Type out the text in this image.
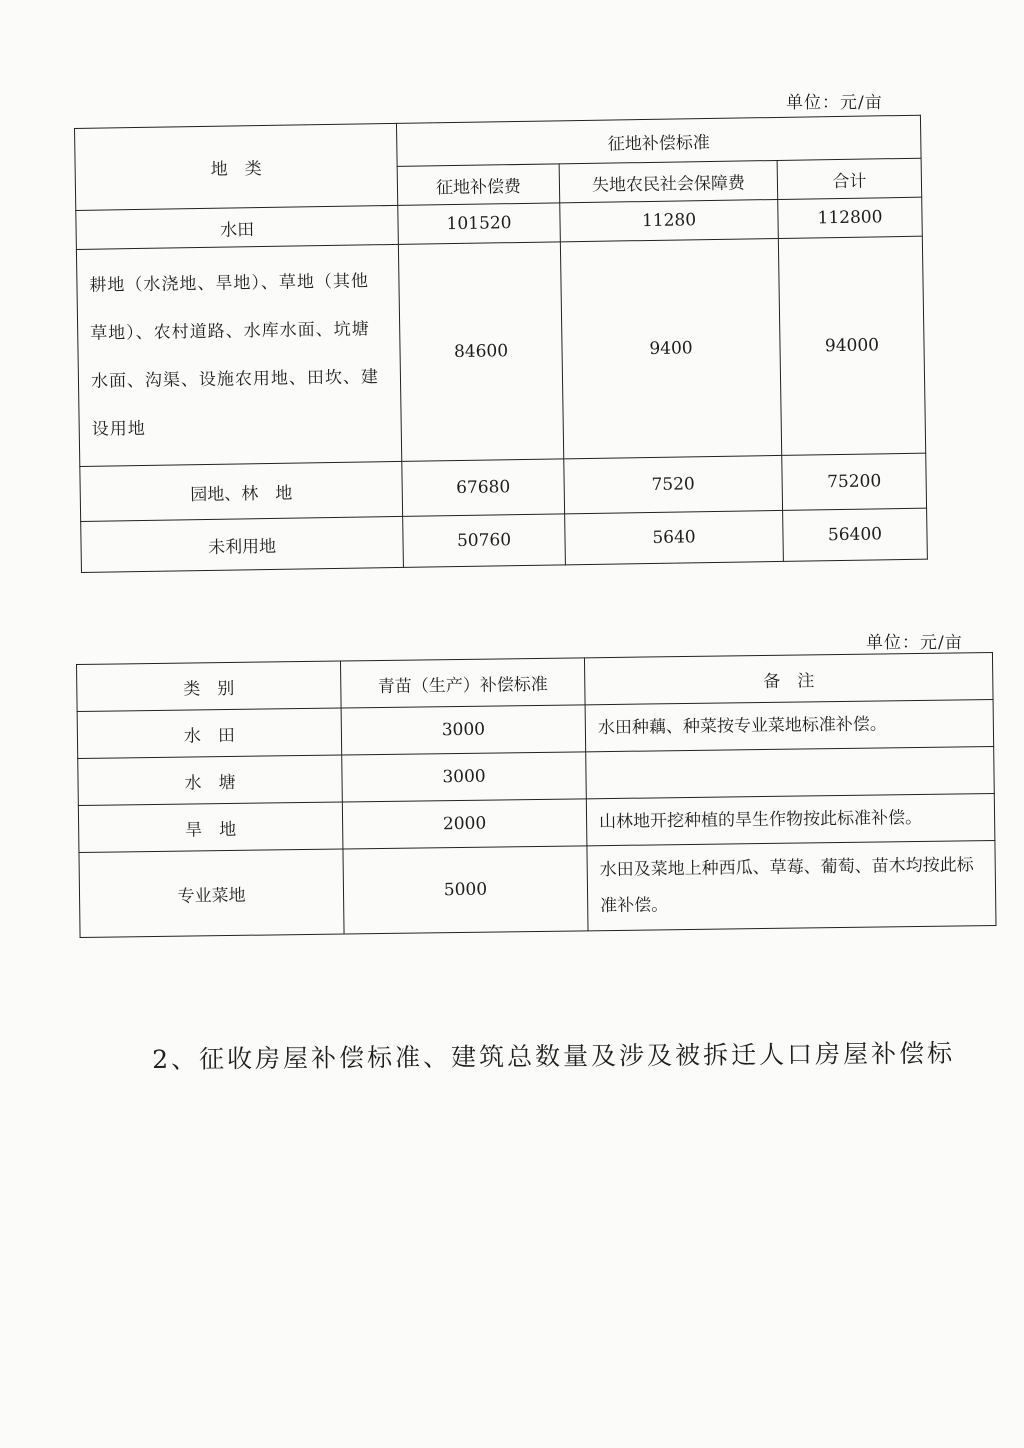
单位：元/亩
地　类	征地补偿标准		
	征地补偿费	失地农民社会保障费	合计
水田	101520	11280	112800
耕地（水浇地、旱地）、草地（其他草地）、农村道路、水库水面、坑塘水面、沟渠、设施农用地、田坎、建设用地	84600	9400	94000
园地、林　地	67680	7520	75200
未利用地	50760	5640	56400
单位：元/亩
类　别	青苗（生产）补偿标准	备　注
水　田	3000	水田种藕、种菜按专业菜地标准补偿。
水　塘	3000	
旱　地	2000	山林地开挖种植的旱生作物按此标准补偿。
专业菜地	5000	水田及菜地上种西瓜、草莓、葡萄、苗木均按此标准补偿。
2、征收房屋补偿标准、建筑总数量及涉及被拆迁人口房屋补偿标
